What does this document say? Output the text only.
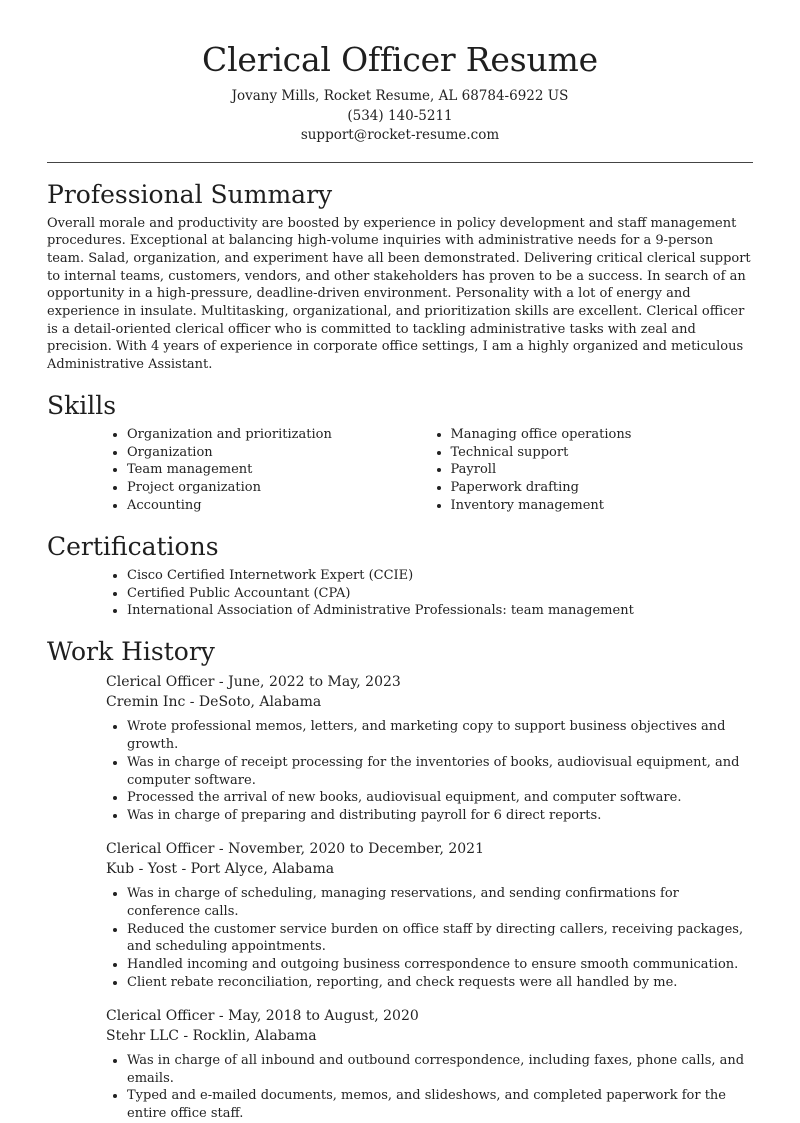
Clerical Officer Resume
Jovany Mills, Rocket Resume, AL 68784-6922 US
(534) 140-5211
support@rocket-resume.com
Professional Summary

Overall morale and productivity are boosted by experience in policy development and staff management procedures. Exceptional at balancing high-volume inquiries with administrative needs for a 9-person team. Salad, organization, and experiment have all been demonstrated. Delivering critical clerical support to internal teams, customers, vendors, and other stakeholders has proven to be a success. In search of an opportunity in a high-pressure, deadline-driven environment. Personality with a lot of energy and experience in insulate. Multitasking, organizational, and prioritization skills are excellent. Clerical officer is a detail-oriented clerical officer who is committed to tackling administrative tasks with zeal and precision. With 4 years of experience in corporate office settings, I am a highly organized and meticulous Administrative Assistant.

Skills
• Organization and prioritization
• Organization
• Team management
• Project organization
• Accounting
• Managing office operations
• Technical support
• Payroll
• Paperwork drafting
• Inventory management
Certifications
• Cisco Certified Internetwork Expert (CCIE)
• Certified Public Accountant (CPA)
• International Association of Administrative Professionals: team management
Work History
Clerical Officer - June, 2022 to May, 2023
Cremin Inc - DeSoto, Alabama
• Wrote professional memos, letters, and marketing copy to support business objectives and growth.
• Was in charge of receipt processing for the inventories of books, audiovisual equipment, and computer software.
• Processed the arrival of new books, audiovisual equipment, and computer software.
• Was in charge of preparing and distributing payroll for 6 direct reports.
Clerical Officer - November, 2020 to December, 2021
Kub - Yost - Port Alyce, Alabama
• Was in charge of scheduling, managing reservations, and sending confirmations for conference calls.
• Reduced the customer service burden on office staff by directing callers, receiving packages, and scheduling appointments.
• Handled incoming and outgoing business correspondence to ensure smooth communication.
• Client rebate reconciliation, reporting, and check requests were all handled by me.
Clerical Officer - May, 2018 to August, 2020
Stehr LLC - Rocklin, Alabama
• Was in charge of all inbound and outbound correspondence, including faxes, phone calls, and emails.
• Typed and e-mailed documents, memos, and slideshows, and completed paperwork for the entire office staff.
